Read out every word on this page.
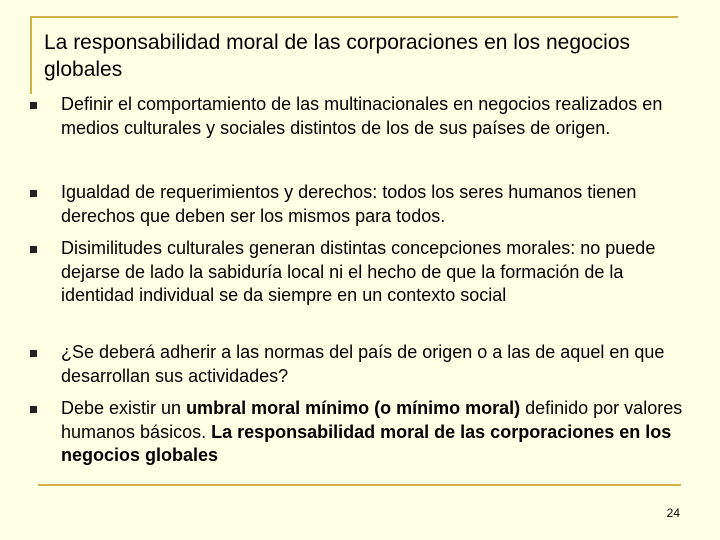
La responsabilidad moral de las corporaciones en los negocios globales
Definir el comportamiento de las multinacionales en negocios realizados en medios culturales y sociales distintos de los de sus países de origen.
Igualdad de requerimientos y derechos: todos los seres humanos tienen derechos que deben ser los mismos para todos.
Disimilitudes culturales generan distintas concepciones morales: no puede dejarse de lado la sabiduría local ni el hecho de que la formación de la identidad individual se da siempre en un contexto social
¿Se deberá adherir a las normas del país de origen o a las de aquel en que desarrollan sus actividades?
Debe existir un umbral moral mínimo (o mínimo moral) definido por valores humanos básicos. La responsabilidad moral de las corporaciones en los negocios globales
24
